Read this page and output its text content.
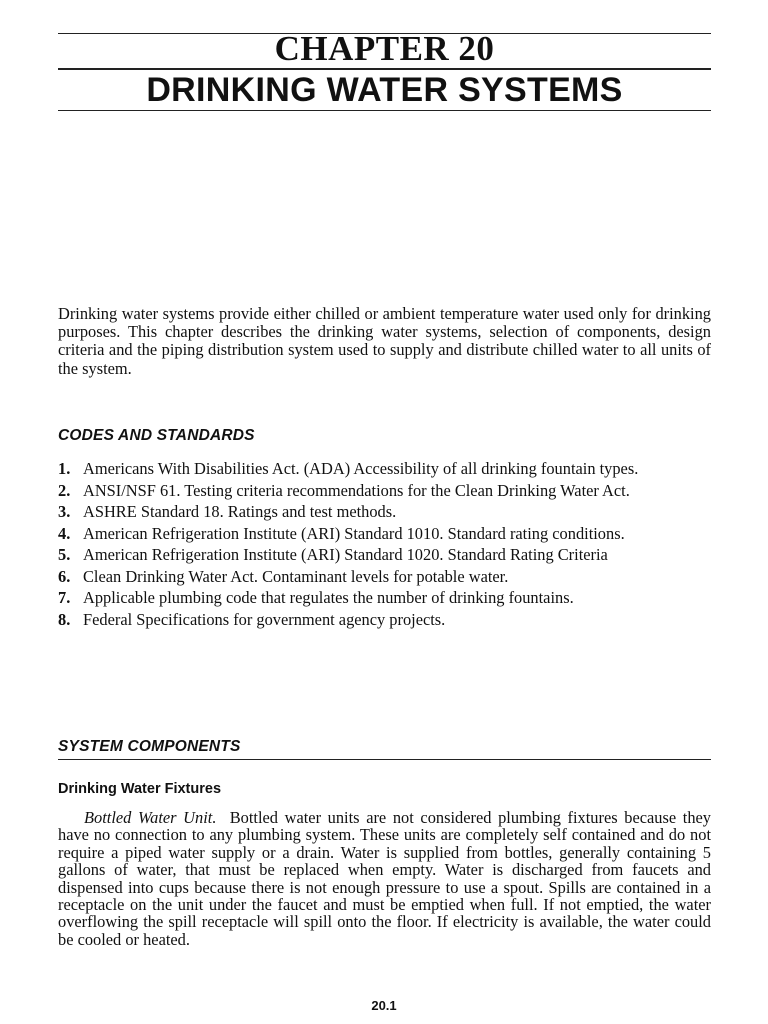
CHAPTER 20
DRINKING WATER SYSTEMS

Drinking water systems provide either chilled or ambient temperature water used only for drinking purposes. This chapter describes the drinking water systems, selection of components, design criteria and the piping distribution system used to supply and distribute chilled water to all units of the system.

CODES AND STANDARDS
1. Americans With Disabilities Act. (ADA) Accessibility of all drinking fountain types.
2. ANSI/NSF 61. Testing criteria recommendations for the Clean Drinking Water Act.
3. ASHRE Standard 18. Ratings and test methods.
4. American Refrigeration Institute (ARI) Standard 1010. Standard rating conditions.
5. American Refrigeration Institute (ARI) Standard 1020. Standard Rating Criteria
6. Clean Drinking Water Act. Contaminant levels for potable water.
7. Applicable plumbing code that regulates the number of drinking fountains.
8. Federal Specifications for government agency projects.
SYSTEM COMPONENTS
Drinking Water Fixtures

Bottled Water Unit. Bottled water units are not considered plumbing fixtures because they have no connection to any plumbing system. These units are completely self contained and do not require a piped water supply or a drain. Water is supplied from bottles, generally containing 5 gallons of water, that must be replaced when empty. Water is discharged from faucets and dispensed into cups because there is not enough pressure to use a spout. Spills are contained in a receptacle on the unit under the faucet and must be emptied when full. If not emptied, the water overflowing the spill receptacle will spill onto the floor. If electricity is available, the water could be cooled or heated.

20.1
